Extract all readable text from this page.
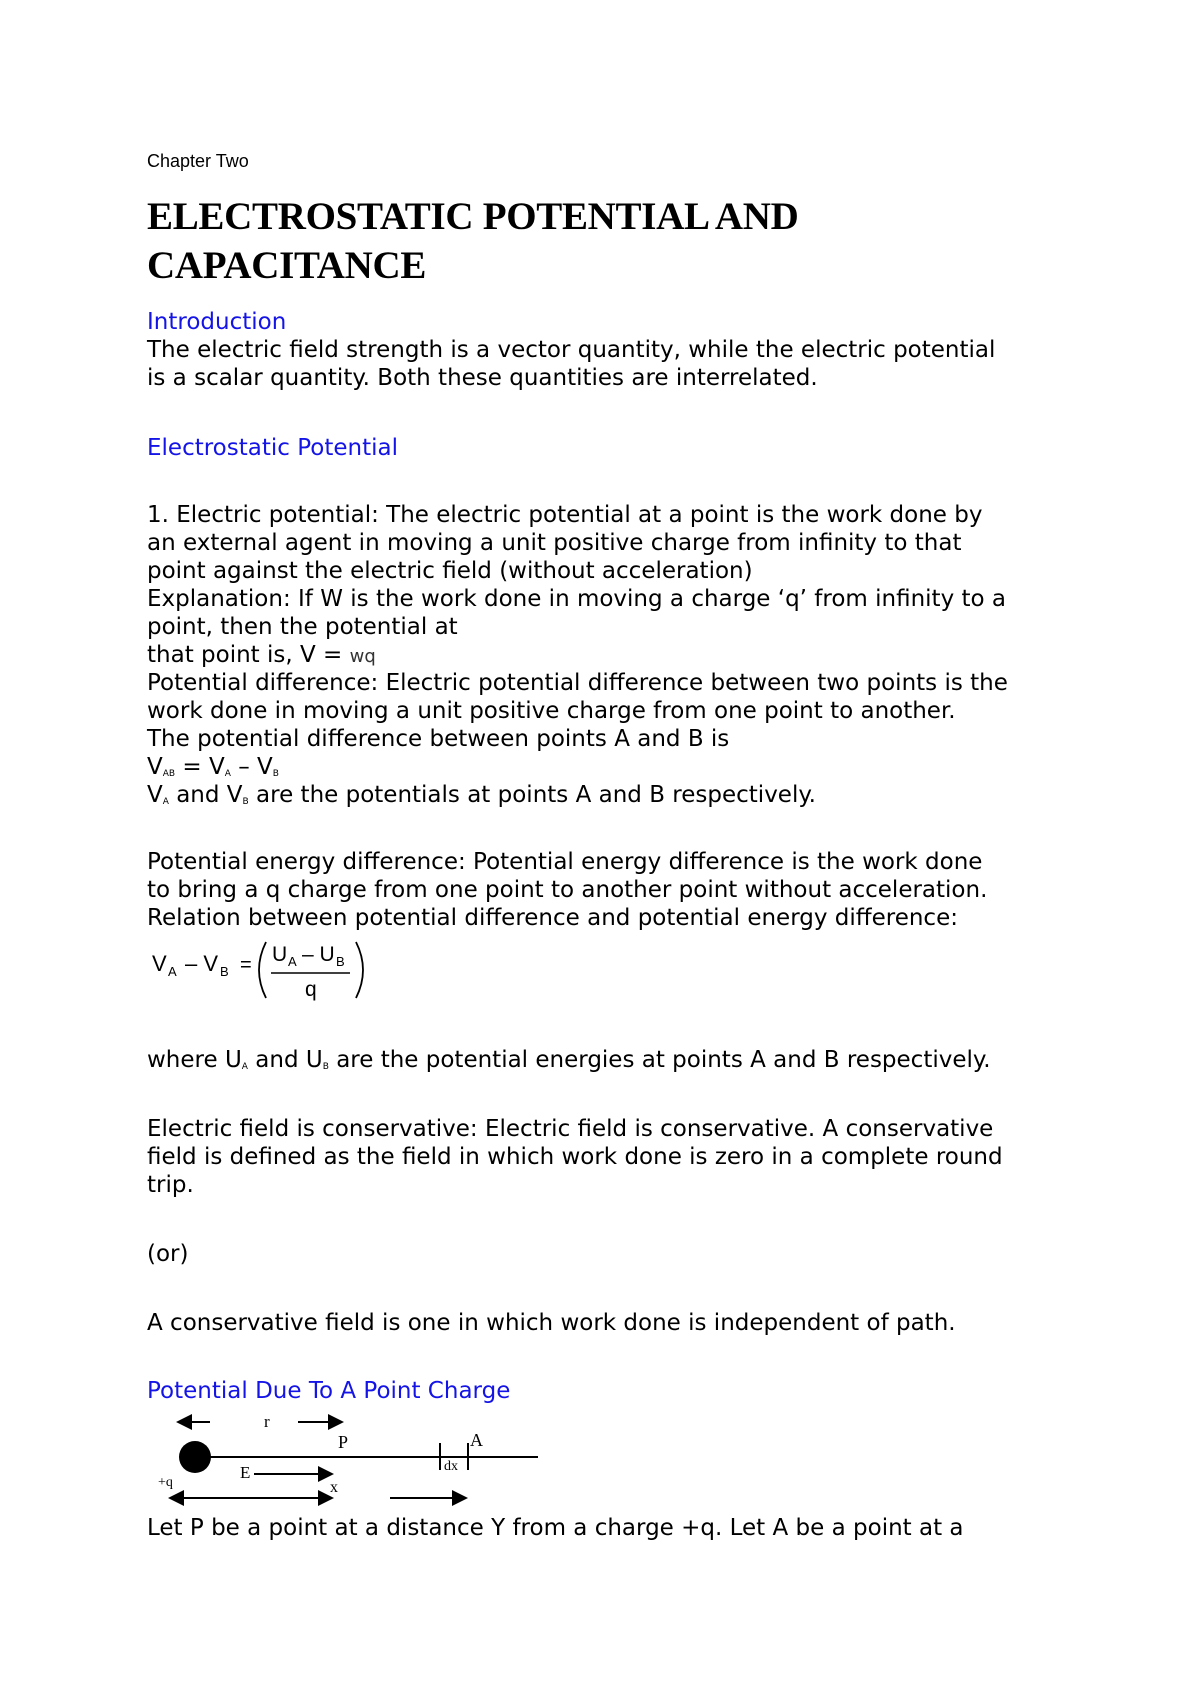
Chapter Two
ELECTROSTATIC POTENTIAL AND
CAPACITANCE
Introduction
The electric field strength is a vector quantity, while the electric potential
is a scalar quantity. Both these quantities are interrelated.
Electrostatic Potential
1. Electric potential: The electric potential at a point is the work done by
an external agent in moving a unit positive charge from infinity to that
point against the electric field (without acceleration)
Explanation: If W is the work done in moving a charge ‘q’ from infinity to a
point, then the potential at
that point is, V = wq
Potential difference: Electric potential difference between two points is the
work done in moving a unit positive charge from one point to another.
The potential difference between points A and B is
$V_{AB} = V_A - V_B$
$V_A$ and $V_B$ are the potentials at points A and B respectively.
Potential energy difference: Potential energy difference is the work done
to bring a q charge from one point to another point without acceleration.
Relation between potential difference and potential energy difference:
V A – V B = U A – U B
q
where $U_A$ and $U_B$ are the potential energies at points A and B respectively.
Electric field is conservative: Electric field is conservative. A conservative
field is defined as the field in which work done is zero in a complete round
trip.
(or)
A conservative field is one in which work done is independent of path.
Potential Due To A Point Charge
r
P	A
dx
E
+q	x
Let P be a point at a distance Y from a charge +q. Let A be a point at a
